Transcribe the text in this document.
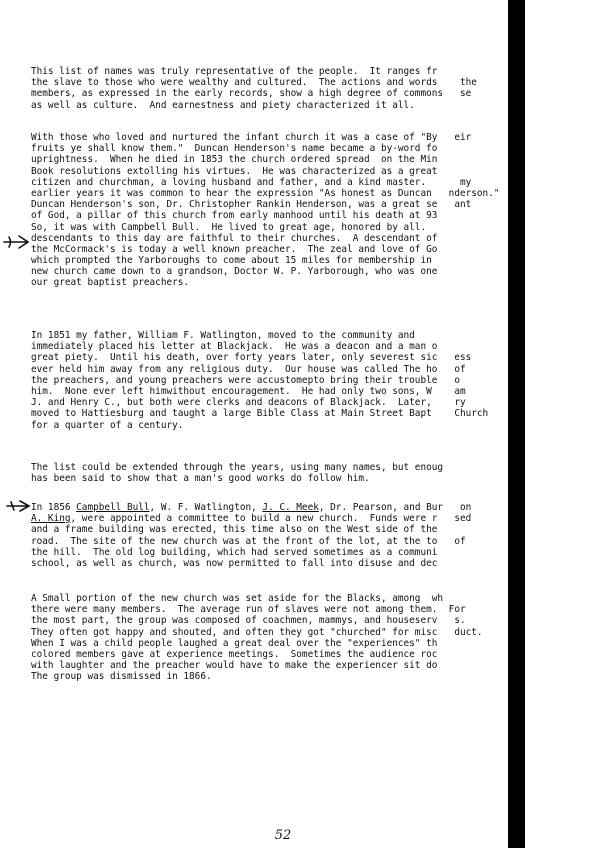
This list of names was truly representative of the people.  It ranges fr
the slave to those who were wealthy and cultured.  The actions and words    the
members, as expressed in the early records, show a high degree of commons   se
as well as culture.  And earnestness and piety characterized it all.
With those who loved and nurtured the infant church it was a case of "By   eir
fruits ye shall know them."  Duncan Henderson's name became a by-word fo
uprightness.  When he died in 1853 the church ordered spread  on the Min
Book resolutions extolling his virtues.  He was characterized as a great
citizen and churchman, a loving husband and father, and a kind master.      my
earlier years it was common to hear the expression "As honest as Duncan   nderson."
Duncan Henderson's son, Dr. Christopher Rankin Henderson, was a great se   ant
of God, a pillar of this church from early manhood until his death at 93
So, it was with Campbell Bull.  He lived to great age, honored by all.
descendants to this day are faithful to their churches.  A descendant of
the McCormack's is today a well known preacher.  The zeal and love of Go
which prompted the Yarboroughs to come about 15 miles for membership in
new church came down to a grandson, Doctor W. P. Yarborough, who was one
our great baptist preachers.
In 1851 my father, William F. Watlington, moved to the community and
immediately placed his letter at Blackjack.  He was a deacon and a man o
great piety.  Until his death, over forty years later, only severest sic   ess
ever held him away from any religious duty.  Our house was called The ho   of
the preachers, and young preachers were accustomepto bring their trouble   o
him.  None ever left himwithout encouragement.  He had only two sons, W    am
J. and Henry C., but both were clerks and deacons of Blackjack.  Later,    ry
moved to Hattiesburg and taught a large Bible Class at Main Street Bapt    Church
for a quarter of a century.
The list could be extended through the years, using many names, but enoug
has been said to show that a man's good works do follow him.
In 1856 Campbell Bull, W. F. Watlington, J. C. Meek, Dr. Pearson, and Bur   on
A. King, were appointed a committee to build a new church.  Funds were r   sed
and a frame building was erected, this time also on the West side of the
road.  The site of the new church was at the front of the lot, at the to   of
the hill.  The old log building, which had served sometimes as a communi
school, as well as church, was now permitted to fall into disuse and dec
A Small portion of the new church was set aside for the Blacks, among  wh
there were many members.  The average run of slaves were not among them.  For
the most part, the group was composed of coachmen, mammys, and houseserv   s.
They often got happy and shouted, and often they got "churched" for misc   duct.
When I was a child people laughed a great deal over the "experiences" th
colored members gave at experience meetings.  Sometimes the audience roc
with laughter and the preacher would have to make the experiencer sit do
The group was dismissed in 1866.
52
